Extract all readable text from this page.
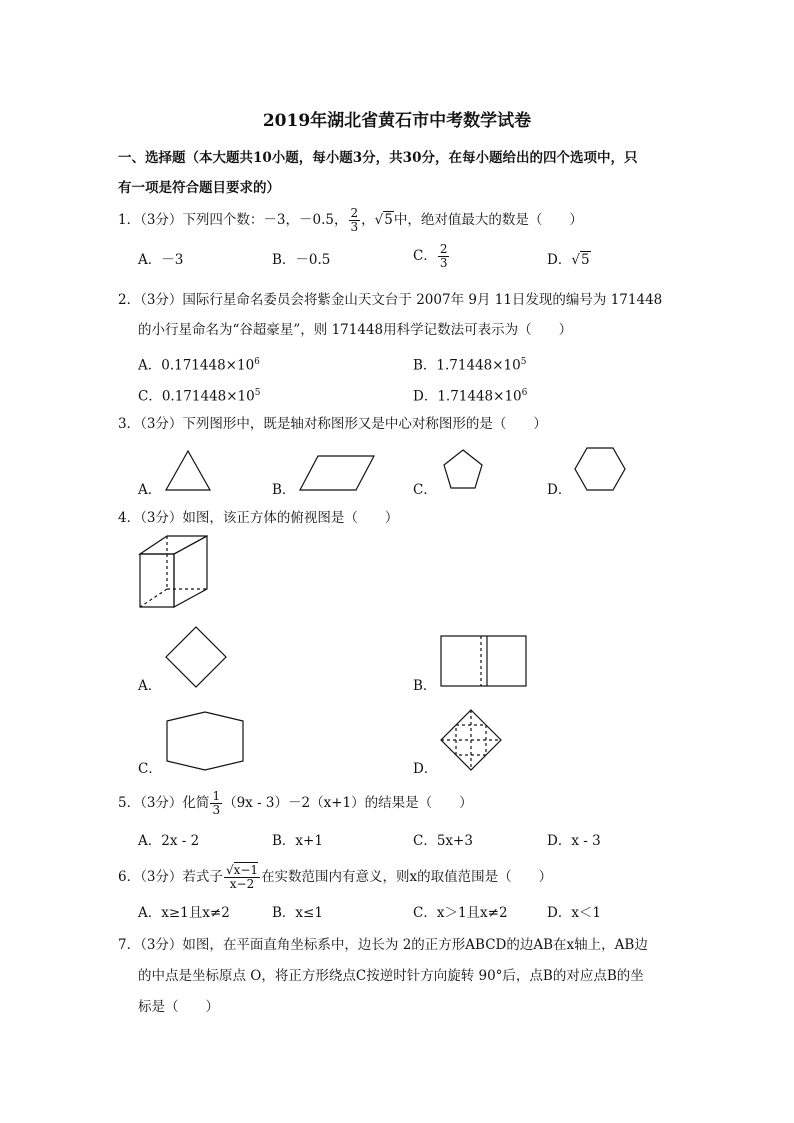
2019年湖北省黄石市中考数学试卷
一、选择题（本大题共10小题，每小题3分，共30分，在每小题给出的四个选项中，只
有一项是符合题目要求的）
1．（3分）下列四个数：－3，－0.5， $\frac{2}{3}$ ，√5中，绝对值最大的数是（　　）
A．－3	B．－0.5	C． $\frac{2}{3}$	D．√5
2．（3分）国际行星命名委员会将紫金山天文台于 2007年 9月 11日发现的编号为 171448
的小行星命名为“谷超豪星”，则 171448用科学记数法可表示为（　　）
A．$0.171448\times 10^6$	B．$1.71448\times 10^5$
C．$0.171448\times 10^5$	D．$1.71448\times 10^6$
3．（3分）下列图形中，既是轴对称图形又是中心对称图形的是（　　）
A．	B．	C．	D．
4．（3分）如图，该正方体的俯视图是（　　）
A．	B．
C．	D．
5．（3分）化简 $\frac{1}{3} (9x - 3)-2(x+1)$的结果是（　　）
A．2x - 2	B．x+1	C．5x+3	D．x - 3
6．（3分）若式子 $\frac{√x-1}{x-2}$ 在实数范围内有意义，则x的取值范围是（　　）
A．x≥1且x≠2	B．x≤1	C．x＞1且x≠2	D．x＜1
7．（3分）如图，在平面直角坐标系中，边长为 2的正方形ABCD的边AB在x轴上，AB边
的中点是坐标原点 O，将正方形绕点C按逆时针方向旋转 90°后，点B的对应点B的坐
标是（　　）
